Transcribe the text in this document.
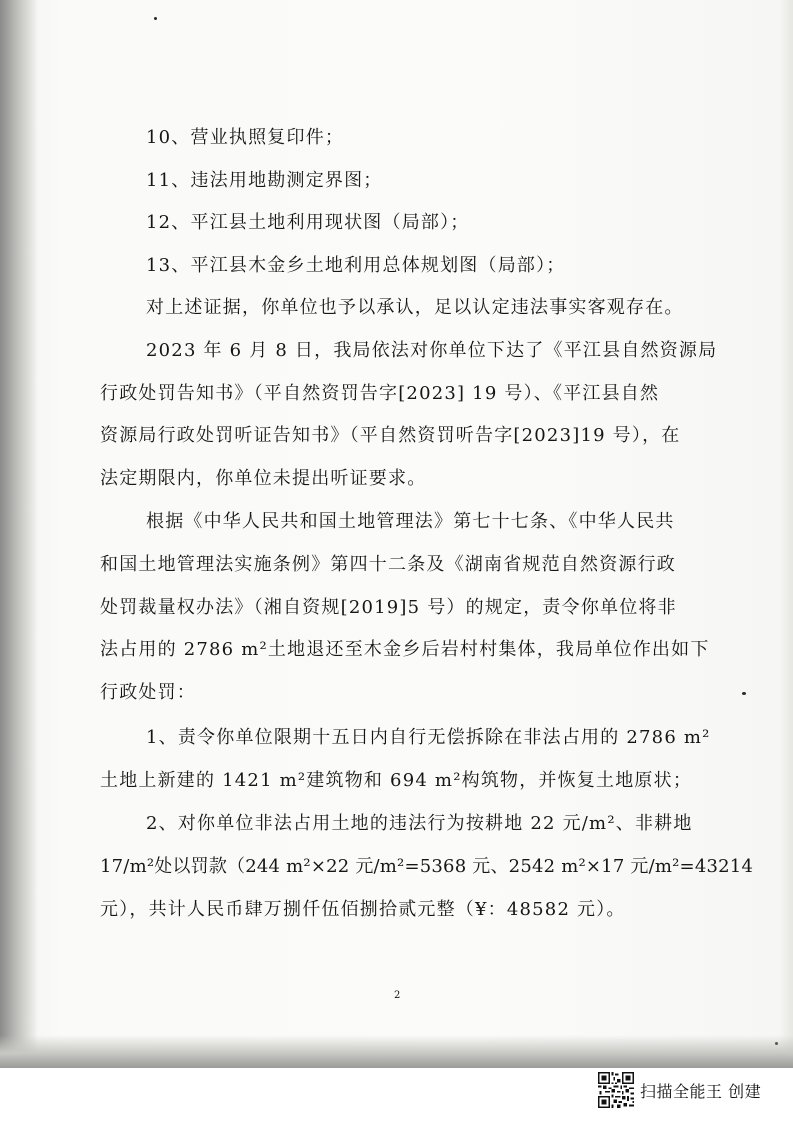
10、营业执照复印件；
11、违法用地勘测定界图；
12、平江县土地利用现状图（局部）；
13、平江县木金乡土地利用总体规划图（局部）；
对上述证据，你单位也予以承认，足以认定违法事实客观存在。
2023 年 6 月 8 日，我局依法对你单位下达了《平江县自然资源局
行政处罚告知书》（平自然资罚告字[2023] 19 号）、《平江县自然
资源局行政处罚听证告知书》（平自然资罚听告字[2023]19 号），在
法定期限内，你单位未提出听证要求。
根据《中华人民共和国土地管理法》第七十七条、《中华人民共
和国土地管理法实施条例》第四十二条及《湖南省规范自然资源行政
处罚裁量权办法》（湘自资规[2019]5 号）的规定，责令你单位将非
法占用的 2786 m²土地退还至木金乡后岩村村集体，我局单位作出如下
行政处罚：
1、责令你单位限期十五日内自行无偿拆除在非法占用的 2786 m²
土地上新建的 1421 m²建筑物和 694 m²构筑物，并恢复土地原状；
2、对你单位非法占用土地的违法行为按耕地 22 元/m²、非耕地
17/m²处以罚款（244 m²×22 元/m²=5368 元、2542 m²×17 元/m²=43214
元），共计人民币肆万捌仟伍佰捌拾贰元整（¥：48582 元）。
2
扫描全能王 创建
